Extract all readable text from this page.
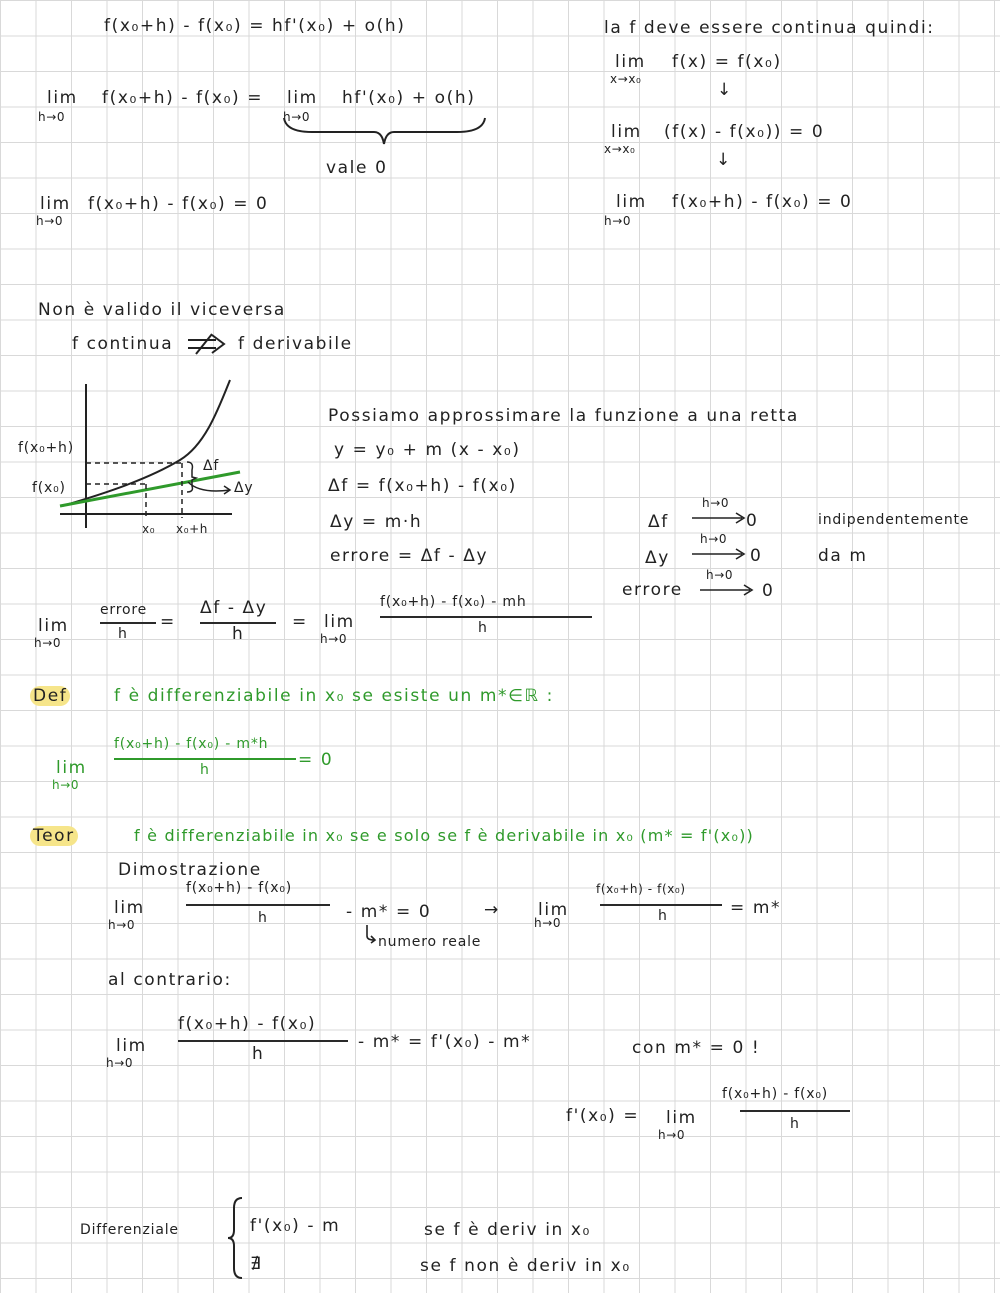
f(x₀+h) - f(x₀) = hf'(x₀) + o(h)
lim
h→0
f(x₀+h) - f(x₀) = lim
h→0
hf'(x₀) + o(h)
vale 0
lim
h→0
f(x₀+h) - f(x₀) = 0
la f deve essere continua quindi:
lim
x→x₀
f(x) = f(x₀)
↓
lim
x→x₀
(f(x) - f(x₀)) = 0
↓
lim
h→0
f(x₀+h) - f(x₀) = 0
Non è valido il viceversa
f continua	f derivabile
f(x₀+h)
f(x₀)
x₀ x₀+h
Δf
Δy
Possiamo approssimare la funzione a una retta
y = y₀ + m (x - x₀)
Δf = f(x₀+h) - f(x₀)
Δy = m·h
errore = Δf - Δy
Δf
h→0
0	indipendentemente
Δy
h→0
0	da m
errore
h→0
0
lim
h→0
errore
h
=
Δf - Δy
h
= lim
h→0
f(x₀+h) - f(x₀) - mh
h
Def	f è differenziabile in x₀ se esiste un m*∈ℝ :
lim
h→0
f(x₀+h) - f(x₀) - m*h
h	= 0
Teor	f è differenziabile in x₀ se e solo se f è derivabile in x₀ (m* = f'(x₀))
Dimostrazione
lim
h→0
f(x₀+h) - f(x₀)
h	- m* = 0	→
numero reale
lim
h→0
f(x₀+h) - f(x₀)
h	= m*
al contrario:
lim
h→0
f(x₀+h) - f(x₀)
h
- m* = f'(x₀) - m*	con m* = 0 !
f'(x₀) = lim
h→0
f(x₀+h) - f(x₀)
h
Differenziale	f'(x₀) - m	se f è deriv in x₀
∄	se f non è deriv in x₀
